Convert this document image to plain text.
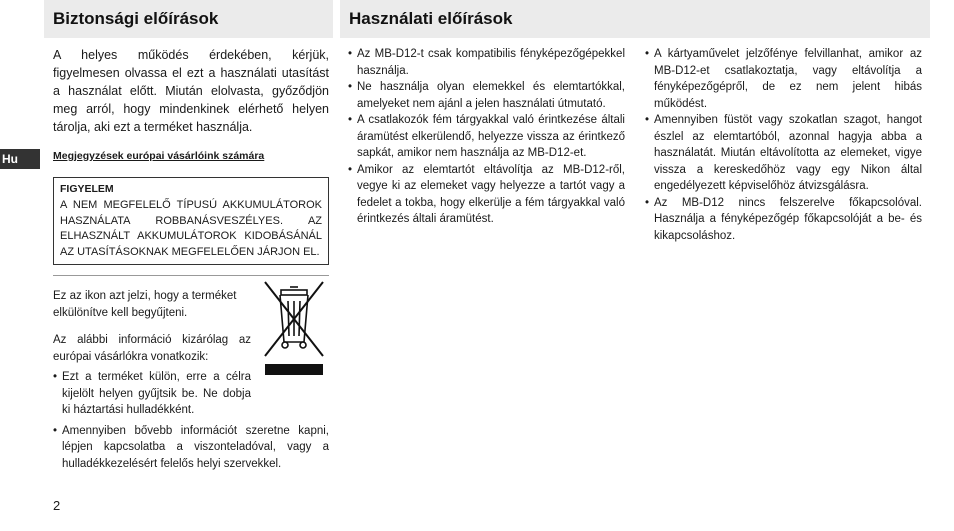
Biztonsági előírások	Használati előírások
Hu

A helyes működés érdekében, kérjük, figyelmesen olvassa el ezt a használati utasítást a használat előtt. Miután elolvasta, győződjön meg arról, hogy mindenkinek elérhető helyen tárolja, aki ezt a terméket használja.

Megjegyzések európai vásárlóink számára
FIGYELEM

A NEM MEGFELELŐ TÍPUSÚ AKKUMULÁTOROK HASZNÁLATA ROBBANÁSVESZÉLYES. AZ ELHASZNÁLT AKKUMULÁTOROK KIDOBÁSÁNÁL AZ UTASÍTÁSOKNAK MEGFELELŐEN JÁRJON EL.

Ez az ikon azt jelzi, hogy a terméket elkülönítve kell begyűjteni.

Az alábbi információ kizárólag az európai vásárlókra vonatkozik:

• Ezt a terméket külön, erre a célra kijelölt helyen gyűjtsik be. Ne dobja ki háztartási hulladékként.
• Amennyiben bővebb információt szeretne kapni, lépjen kapcsolatba a viszonteladóval, vagy a hulladékkezelésért felelős helyi szervekkel.
• Az MB-D12-t csak kompatibilis fényképezőgépekkel használja.
• Ne használja olyan elemekkel és elemtartókkal, amelyeket nem ajánl a jelen használati útmutató.
• A csatlakozók fém tárgyakkal való érintkezése általi áramütést elkerülendő, helyezze vissza az érintkező sapkát, amikor nem használja az MB-D12-et.
• Amikor az elemtartót eltávolítja az MB-D12-ről, vegye ki az elemeket vagy helyezze a tartót vagy a fedelet a tokba, hogy elkerülje a fém tárgyakkal való érintkezés általi áramütést.
• A kártyaművelet jelzőfénye felvillanhat, amikor az MB-D12-et csatlakoztatja, vagy eltávolítja a fényképezőgépről, de ez nem jelent hibás működést.
• Amennyiben füstöt vagy szokatlan szagot, hangot észlel az elemtartóból, azonnal hagyja abba a használatát. Miután eltávolította az elemeket, vigye vissza a kereskedőhöz vagy egy Nikon által engedélyezett képviselőhöz átvizsgálásra.
• Az MB-D12 nincs felszerelve főkapcsolóval. Használja a fényképezőgép főkapcsolóját a be- és kikapcsoláshoz.
2
